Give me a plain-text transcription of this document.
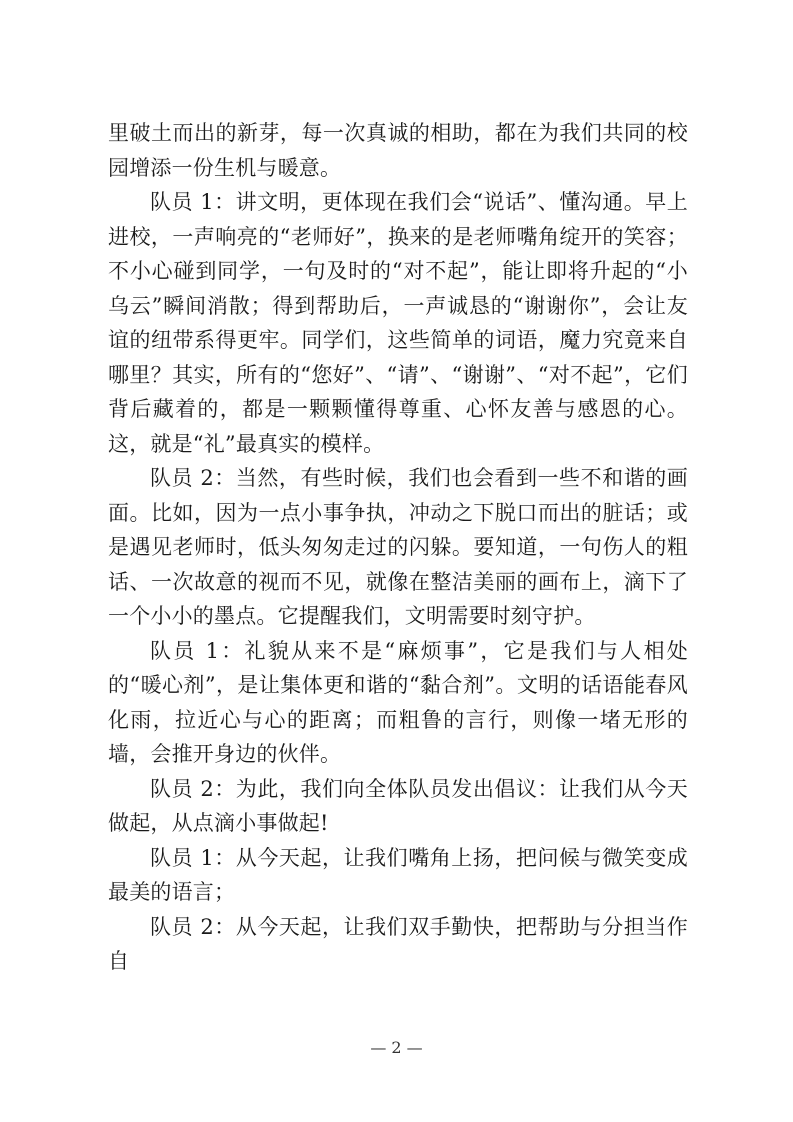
里破土而出的新芽，每一次真诚的相助，都在为我们共同的校园增添一份生机与暖意。

队员 1：讲文明，更体现在我们会“说话”、懂沟通。早上进校，一声响亮的“老师好”，换来的是老师嘴角绽开的笑容；不小心碰到同学，一句及时的“对不起”，能让即将升起的“小乌云”瞬间消散；得到帮助后，一声诚恳的“谢谢你”，会让友谊的纽带系得更牢。同学们，这些简单的词语，魔力究竟来自哪里？其实，所有的“您好”、“请”、“谢谢”、“对不起”，它们背后藏着的，都是一颗颗懂得尊重、心怀友善与感恩的心。这，就是“礼”最真实的模样。

队员 2：当然，有些时候，我们也会看到一些不和谐的画面。比如，因为一点小事争执，冲动之下脱口而出的脏话；或是遇见老师时，低头匆匆走过的闪躲。要知道，一句伤人的粗话、一次故意的视而不见，就像在整洁美丽的画布上，滴下了一个小小的墨点。它提醒我们，文明需要时刻守护。

队员 1：礼貌从来不是“麻烦事”，它是我们与人相处的“暖心剂”，是让集体更和谐的“黏合剂”。文明的话语能春风化雨，拉近心与心的距离；而粗鲁的言行，则像一堵无形的墙，会推开身边的伙伴。

队员 2：为此，我们向全体队员发出倡议：让我们从今天做起，从点滴小事做起!

队员 1：从今天起，让我们嘴角上扬，把问候与微笑变成最美的语言；

队员 2：从今天起，让我们双手勤快，把帮助与分担当作自

— 2 —
